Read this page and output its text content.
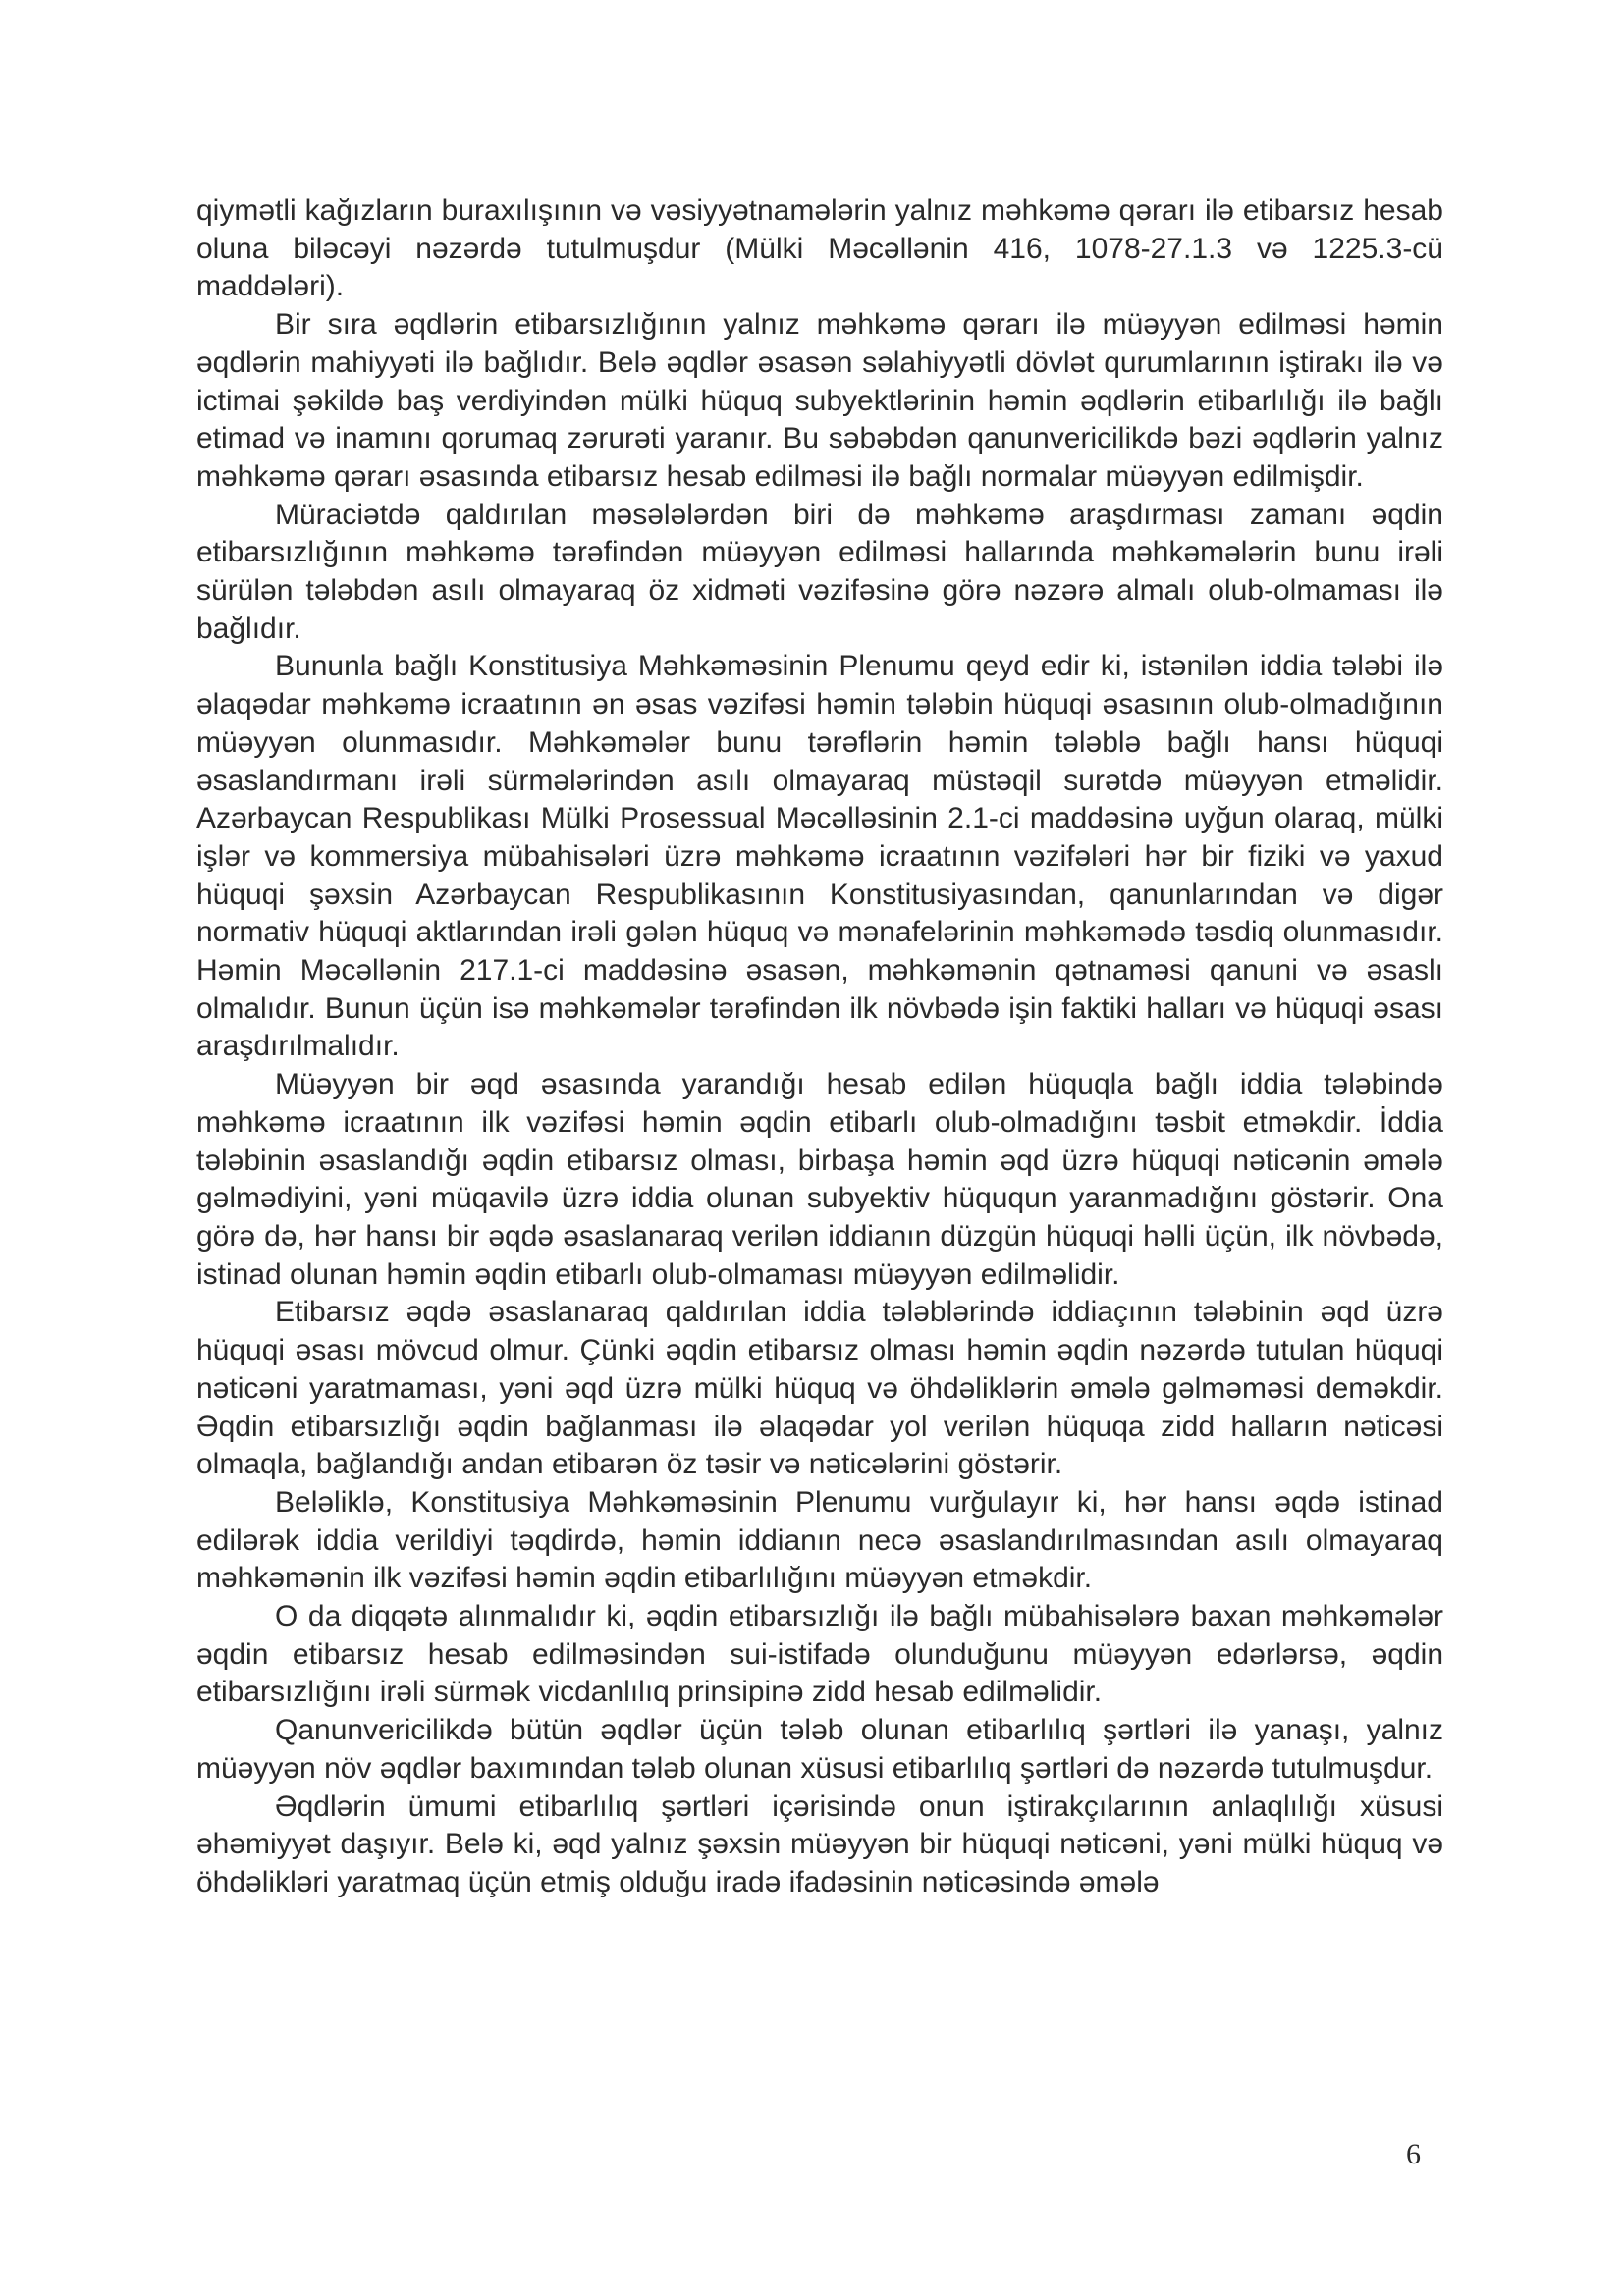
qiymətli kağızların buraxılışının və vəsiyyətnamələrin yalnız məhkəmə qərarı ilə etibarsız hesab oluna biləcəyi nəzərdə tutulmuşdur (Mülki Məcəllənin 416, 1078-27.1.3 və 1225.3-cü maddələri).

Bir sıra əqdlərin etibarsızlığının yalnız məhkəmə qərarı ilə müəyyən edilməsi həmin əqdlərin mahiyyəti ilə bağlıdır. Belə əqdlər əsasən səlahiyyətli dövlət qurumlarının iştirakı ilə və ictimai şəkildə baş verdiyindən mülki hüquq subyektlərinin həmin əqdlərin etibarlılığı ilə bağlı etimad və inamını qorumaq zərurəti yaranır. Bu səbəbdən qanunvericilikdə bəzi əqdlərin yalnız məhkəmə qərarı əsasında etibarsız hesab edilməsi ilə bağlı normalar müəyyən edilmişdir.

Müraciətdə qaldırılan məsələlərdən biri də məhkəmə araşdırması zamanı əqdin etibarsızlığının məhkəmə tərəfindən müəyyən edilməsi hallarında məhkəmələrin bunu irəli sürülən tələbdən asılı olmayaraq öz xidməti vəzifəsinə görə nəzərə almalı olub-olmaması ilə bağlıdır.

Bununla bağlı Konstitusiya Məhkəməsinin Plenumu qeyd edir ki, istənilən iddia tələbi ilə əlaqədar məhkəmə icraatının ən əsas vəzifəsi həmin tələbin hüquqi əsasının olub-olmadığının müəyyən olunmasıdır. Məhkəmələr bunu tərəflərin həmin tələblə bağlı hansı hüquqi əsaslandırmanı irəli sürmələrindən asılı olmayaraq müstəqil surətdə müəyyən etməlidir. Azərbaycan Respublikası Mülki Prosessual Məcəlləsinin 2.1-ci maddəsinə uyğun olaraq, mülki işlər və kommersiya mübahisələri üzrə məhkəmə icraatının vəzifələri hər bir fiziki və yaxud hüquqi şəxsin Azərbaycan Respublikasının Konstitusiyasından, qanunlarından və digər normativ hüquqi aktlarından irəli gələn hüquq və mənafelərinin məhkəmədə təsdiq olunmasıdır. Həmin Məcəllənin 217.1-ci maddəsinə əsasən, məhkəmənin qətnaməsi qanuni və əsaslı olmalıdır. Bunun üçün isə məhkəmələr tərəfindən ilk növbədə işin faktiki halları və hüquqi əsası araşdırılmalıdır.

Müəyyən bir əqd əsasında yarandığı hesab edilən hüquqla bağlı iddia tələbində məhkəmə icraatının ilk vəzifəsi həmin əqdin etibarlı olub-olmadığını təsbit etməkdir. İddia tələbinin əsaslandığı əqdin etibarsız olması, birbaşa həmin əqd üzrə hüquqi nəticənin əmələ gəlmədiyini, yəni müqavilə üzrə iddia olunan subyektiv hüququn yaranmadığını göstərir. Ona görə də, hər hansı bir əqdə əsaslanaraq verilən iddianın düzgün hüquqi həlli üçün, ilk növbədə, istinad olunan həmin əqdin etibarlı olub-olmaması müəyyən edilməlidir.

Etibarsız əqdə əsaslanaraq qaldırılan iddia tələblərində iddiaçının tələbinin əqd üzrə hüquqi əsası mövcud olmur. Çünki əqdin etibarsız olması həmin əqdin nəzərdə tutulan hüquqi nəticəni yaratmaması, yəni əqd üzrə mülki hüquq və öhdəliklərin əmələ gəlməməsi deməkdir. Əqdin etibarsızlığı əqdin bağlanması ilə əlaqədar yol verilən hüquqa zidd halların nəticəsi olmaqla, bağlandığı andan etibarən öz təsir və nəticələrini göstərir.

Beləliklə, Konstitusiya Məhkəməsinin Plenumu vurğulayır ki, hər hansı əqdə istinad edilərək iddia verildiyi təqdirdə, həmin iddianın necə əsaslandırılmasından asılı olmayaraq məhkəmənin ilk vəzifəsi həmin əqdin etibarlılığını müəyyən etməkdir.

O da diqqətə alınmalıdır ki, əqdin etibarsızlığı ilə bağlı mübahisələrə baxan məhkəmələr əqdin etibarsız hesab edilməsindən sui-istifadə olunduğunu müəyyən edərlərsə, əqdin etibarsızlığını irəli sürmək vicdanlılıq prinsipinə zidd hesab edilməlidir.

Qanunvericilikdə bütün əqdlər üçün tələb olunan etibarlılıq şərtləri ilə yanaşı, yalnız müəyyən növ əqdlər baxımından tələb olunan xüsusi etibarlılıq şərtləri də nəzərdə tutulmuşdur.

Əqdlərin ümumi etibarlılıq şərtləri içərisində onun iştirakçılarının anlaqlılığı xüsusi əhəmiyyət daşıyır. Belə ki, əqd yalnız şəxsin müəyyən bir hüquqi nəticəni, yəni mülki hüquq və öhdəlikləri yaratmaq üçün etmiş olduğu iradə ifadəsinin nəticəsində əmələ

6
